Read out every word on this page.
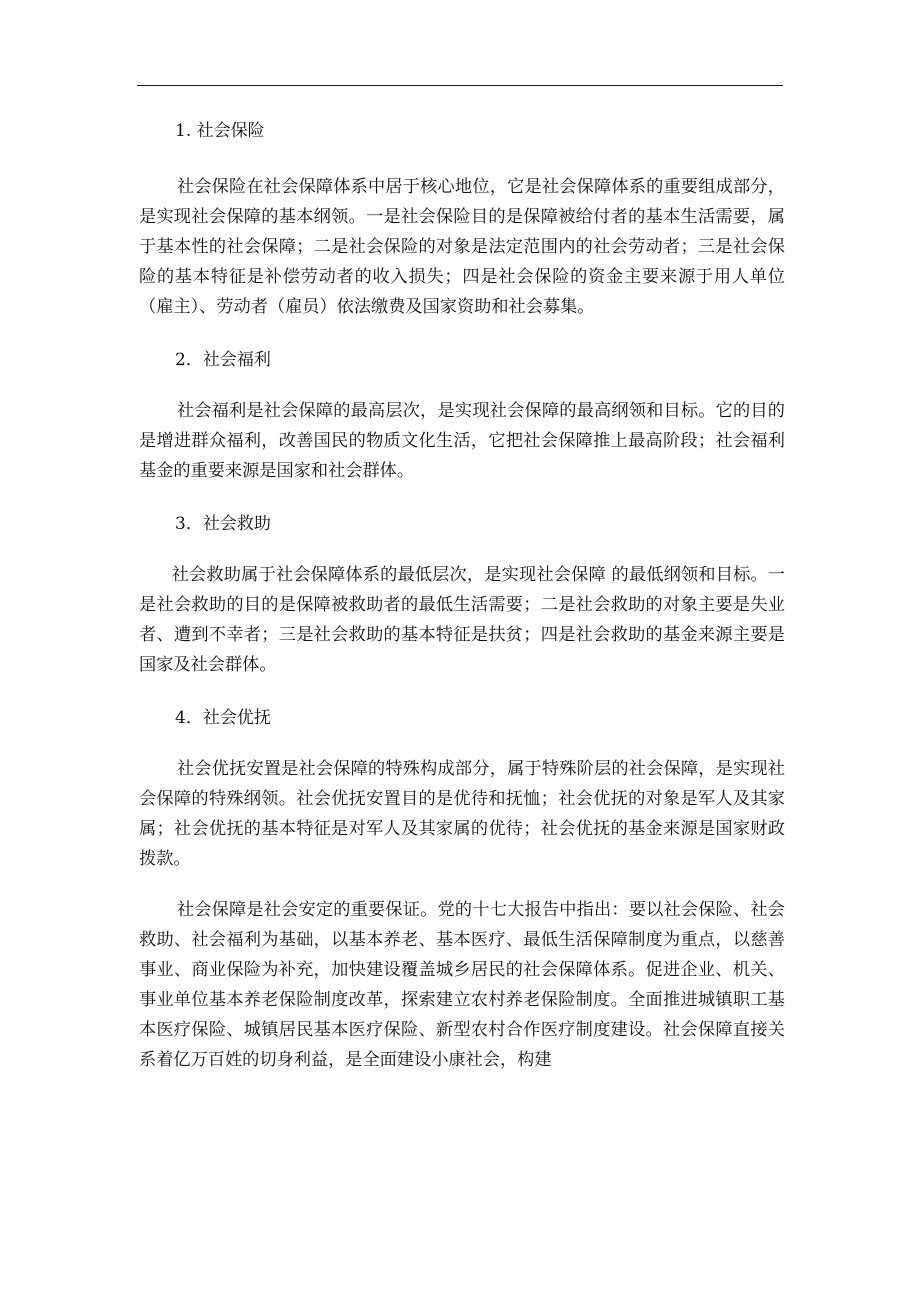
1. 社会保险

社会保险在社会保障体系中居于核心地位，它是社会保障体系的重要组成部分，是实现社会保障的基本纲领。一是社会保险目的是保障被给付者的基本生活需要，属于基本性的社会保障；二是社会保险的对象是法定范围内的社会劳动者；三是社会保险的基本特征是补偿劳动者的收入损失；四是社会保险的资金主要来源于用人单位（雇主）、劳动者（雇员）依法缴费及国家资助和社会募集。

2．社会福利

社会福利是社会保障的最高层次，是实现社会保障的最高纲领和目标。它的目的是增进群众福利，改善国民的物质文化生活，它把社会保障推上最高阶段；社会福利基金的重要来源是国家和社会群体。

3．社会救助

社会救助属于社会保障体系的最低层次，是实现社会保障 的最低纲领和目标。一是社会救助的目的是保障被救助者的最低生活需要；二是社会救助的对象主要是失业者、遭到不幸者；三是社会救助的基本特征是扶贫；四是社会救助的基金来源主要是国家及社会群体。

4．社会优抚

社会优抚安置是社会保障的特殊构成部分，属于特殊阶层的社会保障，是实现社会保障的特殊纲领。社会优抚安置目的是优待和抚恤；社会优抚的对象是军人及其家属；社会优抚的基本特征是对军人及其家属的优待；社会优抚的基金来源是国家财政拨款。

社会保障是社会安定的重要保证。党的十七大报告中指出：要以社会保险、社会救助、社会福利为基础，以基本养老、基本医疗、最低生活保障制度为重点，以慈善事业、商业保险为补充，加快建设覆盖城乡居民的社会保障体系。促进企业、机关、事业单位基本养老保险制度改革，探索建立农村养老保险制度。全面推进城镇职工基本医疗保险、城镇居民基本医疗保险、新型农村合作医疗制度建设。社会保障直接关系着亿万百姓的切身利益，是全面建设小康社会，构建
